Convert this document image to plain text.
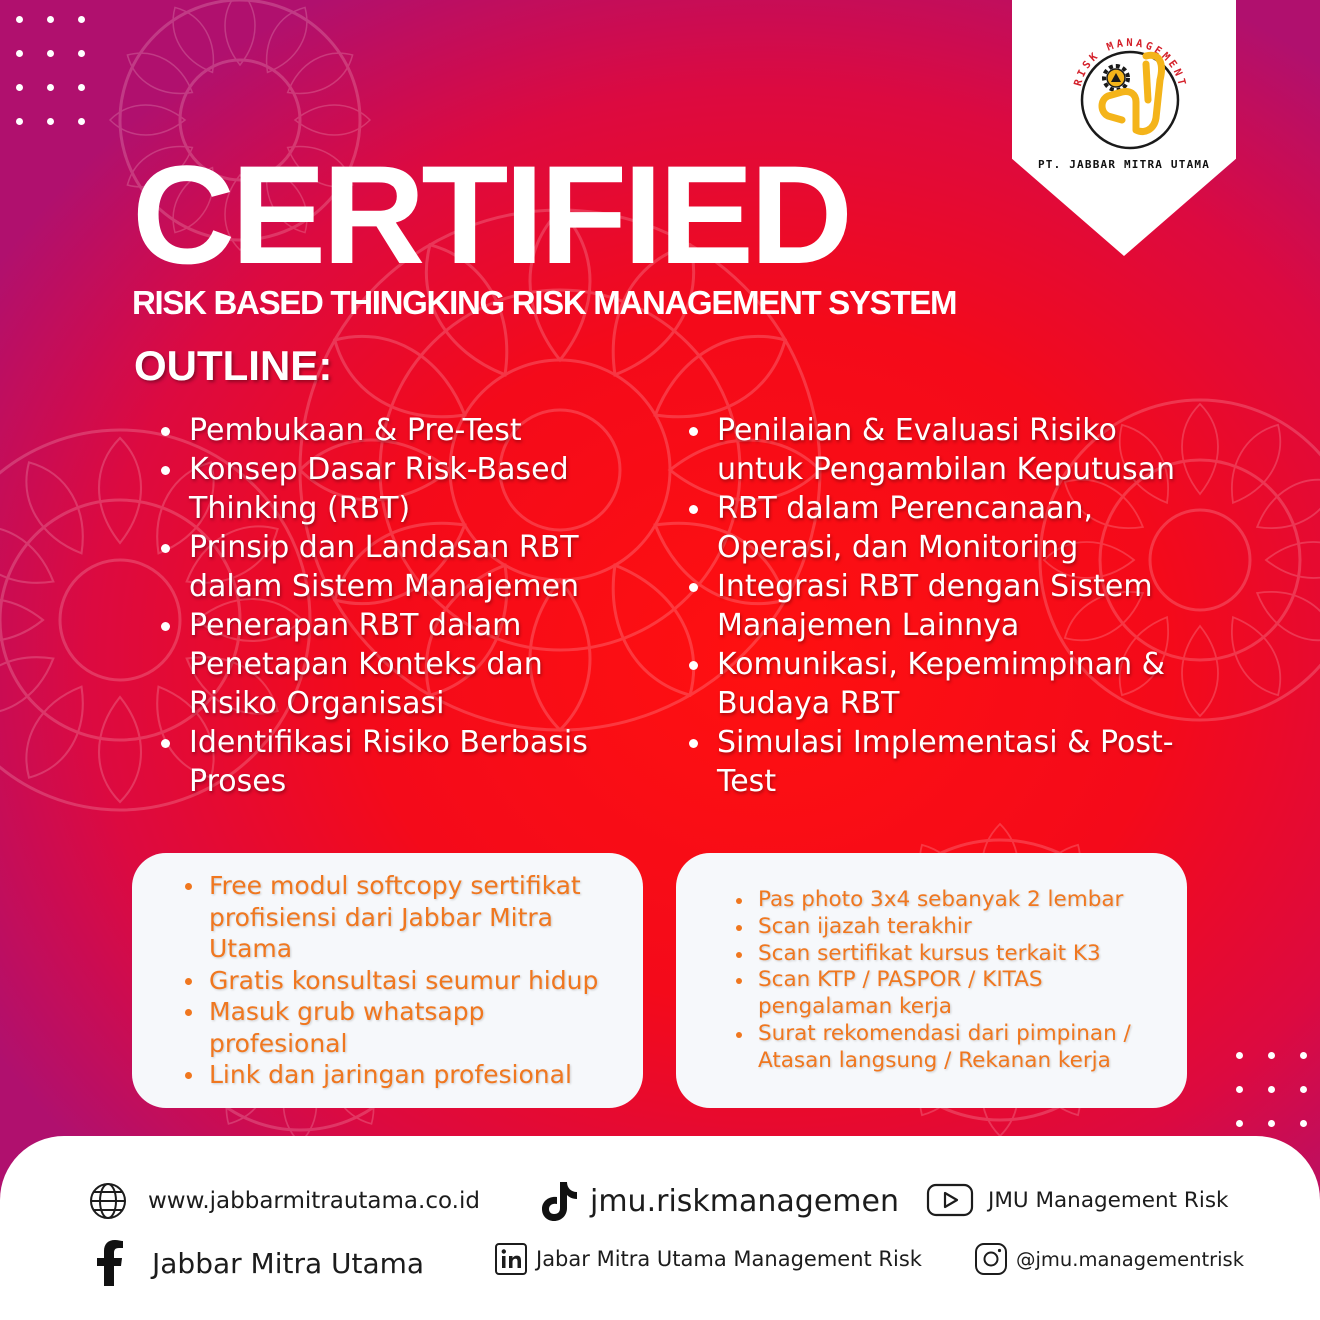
RISK MANAGEMENT
PT. JABBAR MITRA UTAMA
CERTIFIED
RISK BASED THINGKING RISK MANAGEMENT SYSTEM
OUTLINE:
Pembukaan & Pre-Test
Konsep Dasar Risk-Based Thinking (RBT)
Prinsip dan Landasan RBT dalam Sistem Manajemen
Penerapan RBT dalam Penetapan Konteks dan Risiko Organisasi
Identifikasi Risiko Berbasis Proses
Penilaian & Evaluasi Risiko untuk Pengambilan Keputusan
RBT dalam Perencanaan, Operasi, dan Monitoring
Integrasi RBT dengan Sistem Manajemen Lainnya
Komunikasi, Kepemimpinan & Budaya RBT
Simulasi Implementasi & Post-Test
Free modul softcopy sertifikat profisiensi dari Jabbar Mitra Utama
Gratis konsultasi seumur hidup
Masuk grub whatsapp profesional
Link dan jaringan profesional
Pas photo 3x4 sebanyak 2 lembar
Scan ijazah terakhir
Scan sertifikat kursus terkait K3
Scan KTP / PASPOR / KITAS pengalaman kerja
Surat rekomendasi dari pimpinan / Atasan langsung / Rekanan kerja
www.jabbarmitrautama.co.id	jmu.riskmanagemen	JMU Management Risk
Jabbar Mitra Utama	Jabar Mitra Utama Management Risk	@jmu.managementrisk
